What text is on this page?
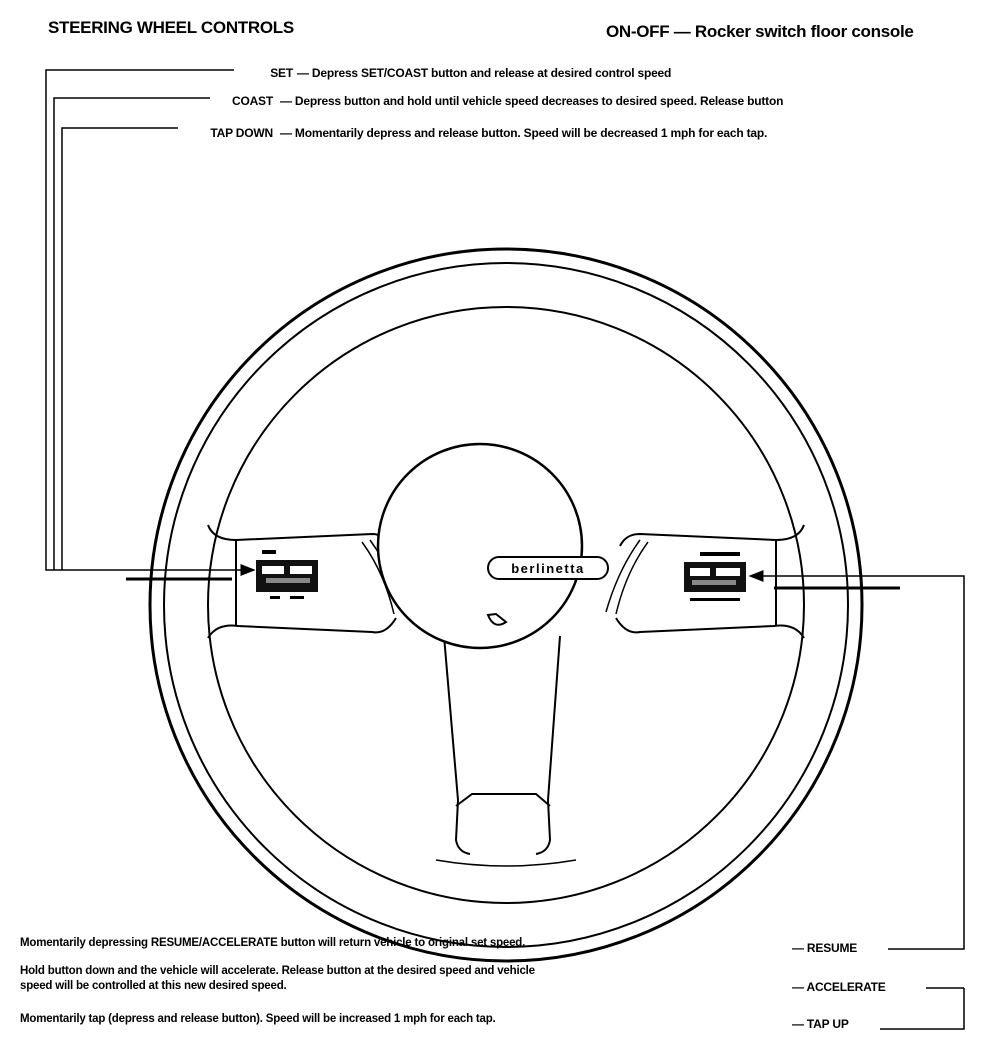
STEERING WHEEL CONTROLS	ON-OFF — Rocker switch floor console
SET — Depress SET/COAST button and release at desired control speed
COAST — Depress button and hold until vehicle speed decreases to desired speed. Release button
TAP DOWN — Momentarily depress and release button. Speed will be decreased 1 mph for each tap.
Momentarily depressing RESUME/ACCELERATE button will return vehicle to original set speed.
Hold button down and the vehicle will accelerate. Release button at the desired speed and vehicle
speed will be controlled at this new desired speed.
Momentarily tap (depress and release button). Speed will be increased 1 mph for each tap.
— RESUME
— ACCELERATE
— TAP UP
berlinetta
